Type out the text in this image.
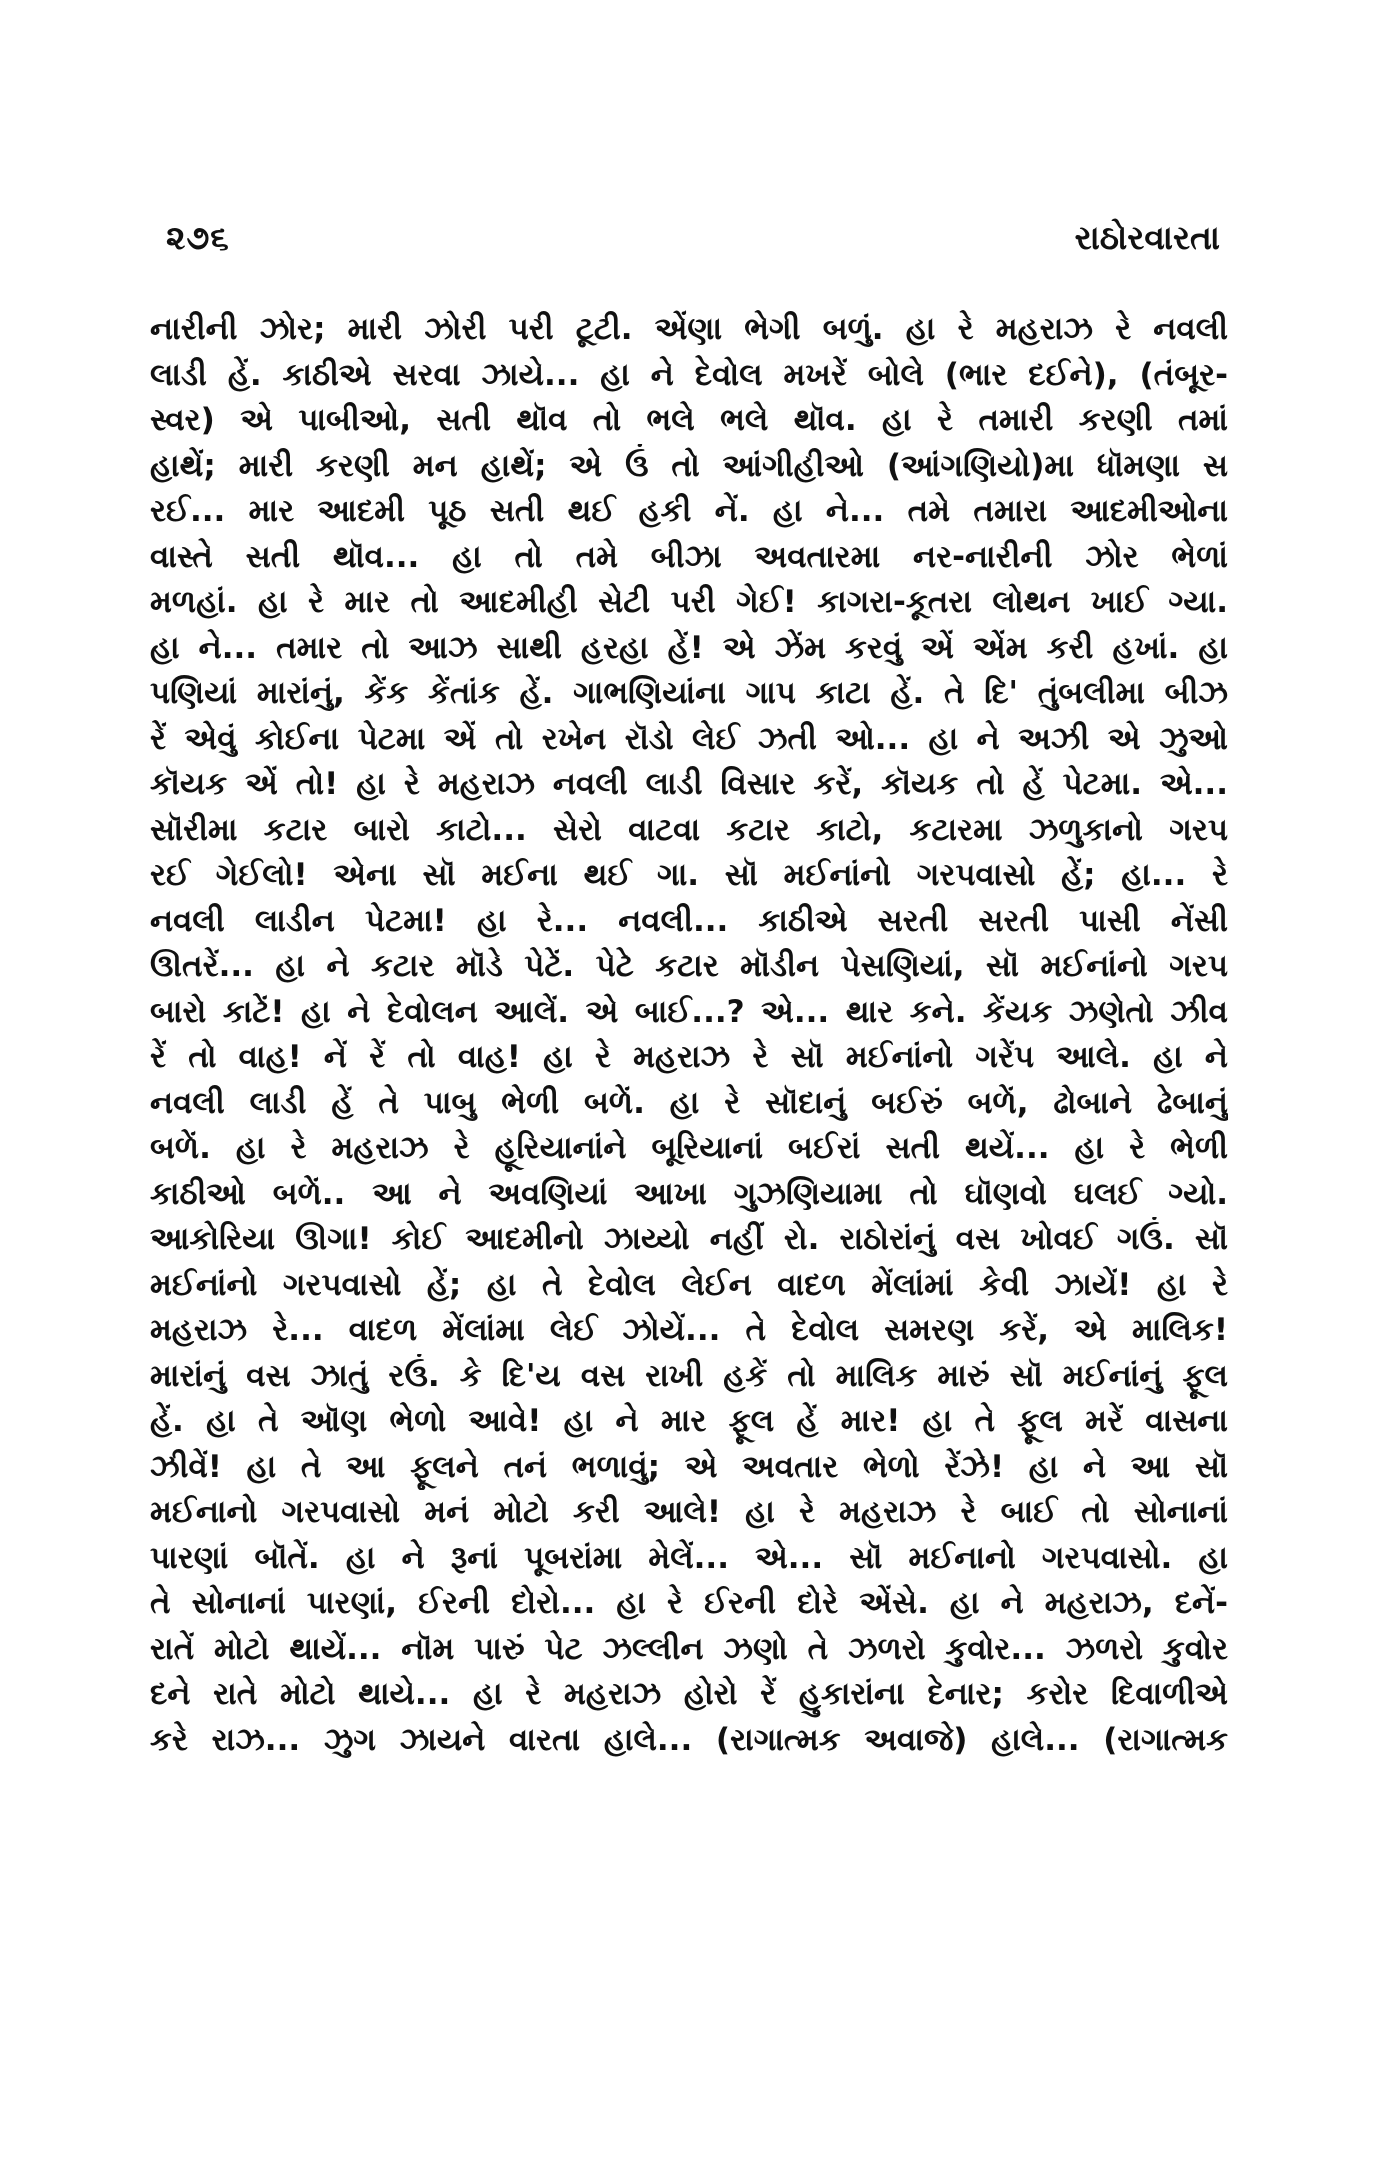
૨૭૬	રાઠોરવારતા
નારીની ઝોર; મારી ઝોરી પરી ટૂટી. એંણા ભેગી બળું. હા રે મહરાઝ રે નવલી
લાડી હેં. કાઠીએ સરવા ઝાયે... હા ને દેવોલ મખરેં બોલે (ભાર દઈને), (તંબૂર-
સ્વર) એ પાબીઓ, સતી થૉવ તો ભલે ભલે થૉવ. હા રે તમારી કરણી તમાં
હાથેં; મારી કરણી મન હાથેં; એ ઉં તો આંગીહીઓ (આંગણિયો)મા ધૉમણા સ
રઈ... માર આદમી પૂઠ સતી થઈ હકી નેં. હા ને... તમે તમારા આદમીઓના
વાસ્તે સતી થૉવ... હા તો તમે બીઝા અવતારમા નર-નારીની ઝોર ભેળાં
મળહાં. હા રે માર તો આદમીહી સેટી પરી ગેઈ! કાગરા-કૂતરા લોથન ખાઈ ગ્યા.
હા ને... તમાર તો આઝ સાથી હરહા હેં! એ ઝેંમ કરવું એં એંમ કરી હખાં. હા
પણિયાં મારાંનું, કેંક કેંતાંક હેં. ગાભણિયાંના ગાપ કાટા હેં. તે દિ' તુંબલીમા બીઝ
રેં એવું કોઈના પેટમા એં તો રખેન રૉડો લેઈ ઝતી ઓ... હા ને અઝી એ ઝુઓ
કૉયક એં તો! હા રે મહરાઝ નવલી લાડી વિસાર કરેં, કૉયક તો હેં પેટમા. એ...
સૉરીમા કટાર બારો કાટો... સેરો વાટવા કટાર કાટો, કટારમા ઝળુકાનો ગરપ
રઈ ગેઈલો! એના સૉ મઈના થઈ ગા. સૉ મઈનાંનો ગરપવાસો હેં; હા... રે
નવલી લાડીન પેટમા! હા રે... નવલી... કાઠીએ સરતી સરતી પાસી નેંસી
ઊતરેં... હા ને કટાર મૉડે પેટેં. પેટે કટાર મૉડીન પેસણિયાં, સૉ મઈનાંનો ગરપ
બારો કાટેં! હા ને દેવોલન આલેં. એ બાઈ...? એ... થાર કને. કેંયક ઝણેતો ઝીવ
રેં તો વાહ! નેં રેં તો વાહ! હા રે મહરાઝ રે સૉ મઈનાંનો ગરેંપ આલે. હા ને
નવલી લાડી હેં તે પાબુ ભેળી બળેં. હા રે સૉદાનું બઈરું બળેં, ઢોબાને ઢેબાનું
બળેં. હા રે મહરાઝ રે હૂરિયાનાંને બૂરિયાનાં બઈરાં સતી થયેં... હા રે ભેળી
કાઠીઓ બળેં.. આ ને અવણિયાં આખા ગુઝણિયામા તો ઘૉણવો ઘલઈ ગ્યો.
આકોરિયા ઊગા! કોઈ આદમીનો ઝાય્યો નહીં રો. રાઠોરાંનું વસ ખોવઈ ગઉં. સૉ
મઈનાંનો ગરપવાસો હેં; હા તે દેવોલ લેઈન વાદળ મેંલાંમાં કેવી ઝાયેં! હા રે
મહરાઝ રે... વાદળ મેંલાંમા લેઈ ઝોયેં... તે દેવોલ સમરણ કરેં, એ માલિક!
મારાંનું વસ ઝાતું રઉં. કે દિ'ય વસ રાખી હકેં તો માલિક મારું સૉ મઈનાંનું ફૂલ
હેં. હા તે ઑણ ભેળો આવે! હા ને માર ફૂલ હેં માર! હા તે ફૂલ મરેં વાસના
ઝીવેં! હા તે આ ફૂલને તનં ભળાવું; એ અવતાર ભેળો રેંઝે! હા ને આ સૉ
મઈનાનો ગરપવાસો મનં મોટો કરી આલે! હા રે મહરાઝ રે બાઈ તો સોનાનાં
પારણાં બૉતેં. હા ને રૂનાં પૂબરાંમા મેલેં... એ... સૉ મઈનાનો ગરપવાસો. હા
તે સોનાનાં પારણાં, ઈરની દોરો... હા રે ઈરની દોરે એંસે. હા ને મહરાઝ, દનેં-
રાતેં મોટો થાયેં... નૉમ પારું પેટ ઝલ્લીન ઝણો તે ઝળરો કુવોર... ઝળરો કુવોર
દને રાતે મોટો થાયે... હા રે મહરાઝ હોરો રેં હુકારાંના દેનાર; કરોર દિવાળીએ
કરે રાઝ... ઝુગ ઝાયને વારતા હાલે... (રાગાત્મક અવાજે) હાલે... (રાગાત્મક
